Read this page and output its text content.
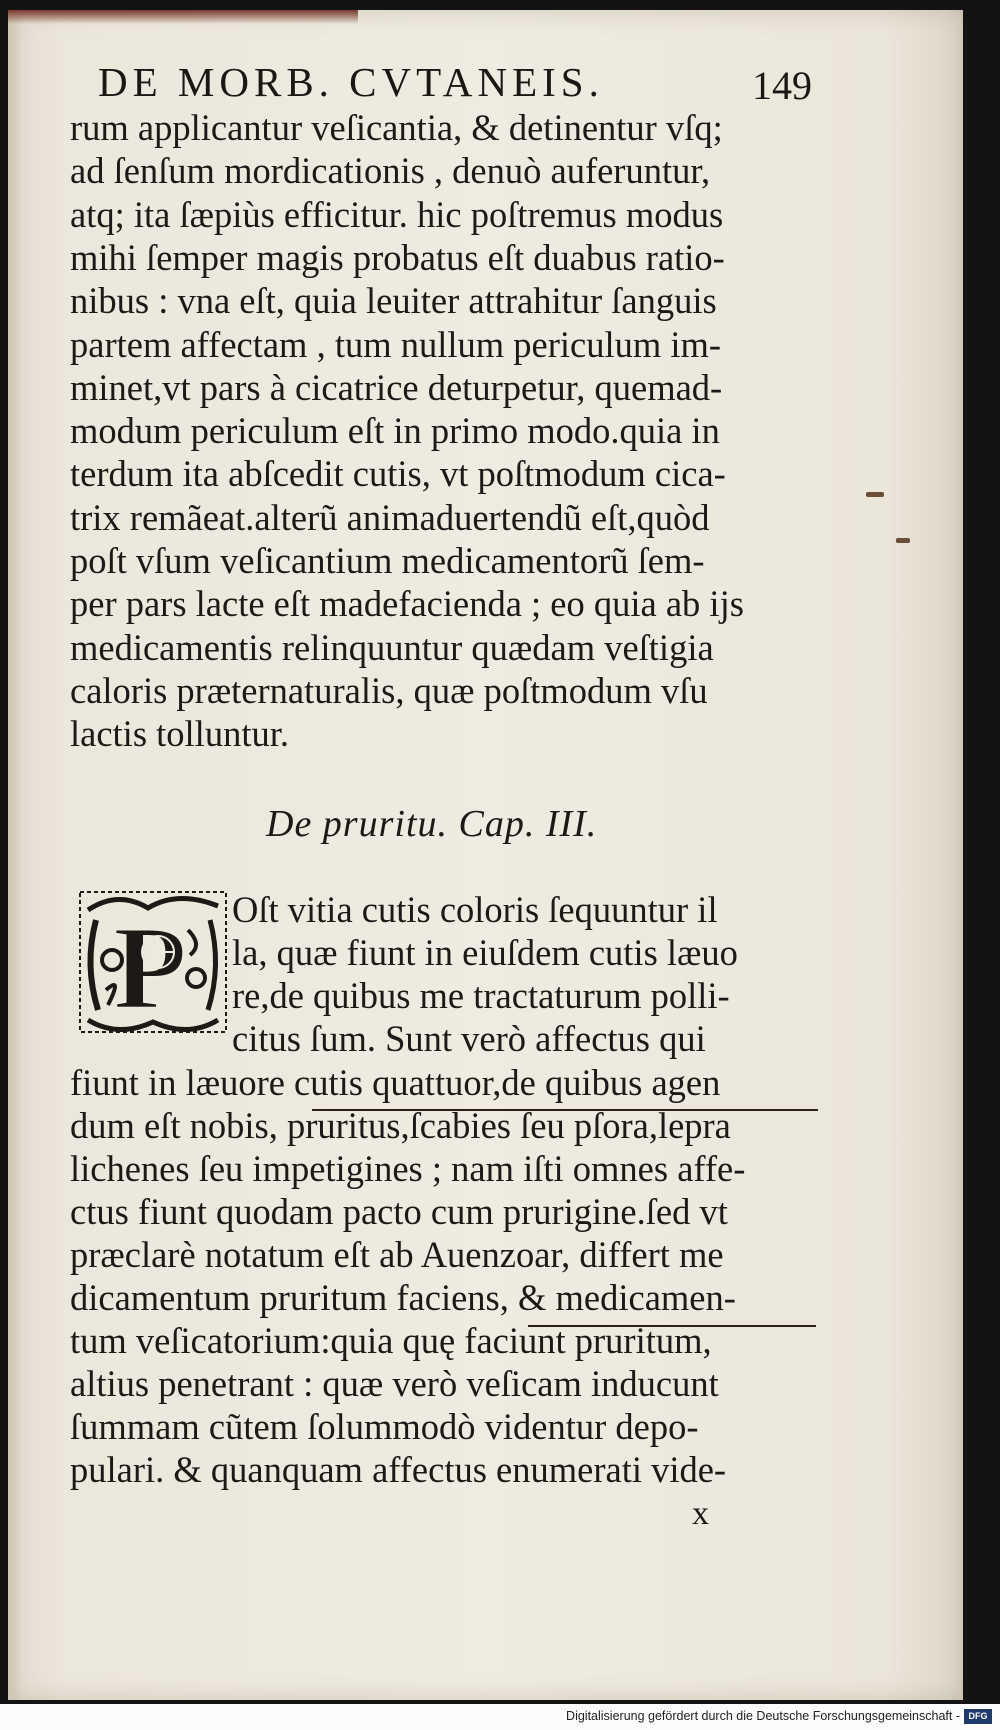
DE MORB. CVTANEIS.	149
rum applicantur veſicantia, & detinentur vſq;
ad ſenſum mordicationis , denuò auferuntur,
atq; ita ſæpiùs efficitur. hic poſtremus modus
mihi ſemper magis probatus eſt duabus ratio-
nibus : vna eſt, quia leuiter attrahitur ſanguis
partem affectam , tum nullum periculum im-
minet,vt pars à cicatrice deturpetur, quemad-
modum periculum eſt in primo modo.quia in
terdum ita abſcedit cutis, vt poſtmodum cica-
trix remãeat.alterũ animaduertendũ eſt,quòd
poſt vſum veſicantium medicamentorũ ſem-
per pars lacte eſt madefacienda ; eo quia ab ijs
medicamentis relinquuntur quædam veſtigia
caloris præternaturalis, quæ poſtmodum vſu
lactis tolluntur.
De pruritu. Cap. III.
P Oſt vitia cutis coloris ſequuntur il
la, quæ fiunt in eiuſdem cutis læuo
re,de quibus me tractaturum polli-
citus ſum. Sunt verò affectus qui
fiunt in læuore cutis quattuor,de quibus agen
dum eſt nobis, pruritus,ſcabies ſeu pſora,lepra
lichenes ſeu impetigines ; nam iſti omnes affe-
ctus fiunt quodam pacto cum prurigine.ſed vt
præclarè notatum eſt ab Auenzoar, differt me
dicamentum pruritum faciens, & medicamen-
tum veſicatorium:quia quę faciunt pruritum,
altius penetrant : quæ verò veſicam inducunt
ſummam cũtem ſolummodò videntur depo-
pulari. & quanquam affectus enumerati vide-
x
Digitalisierung gefördert durch die Deutsche Forschungsgemeinschaft - DFG
